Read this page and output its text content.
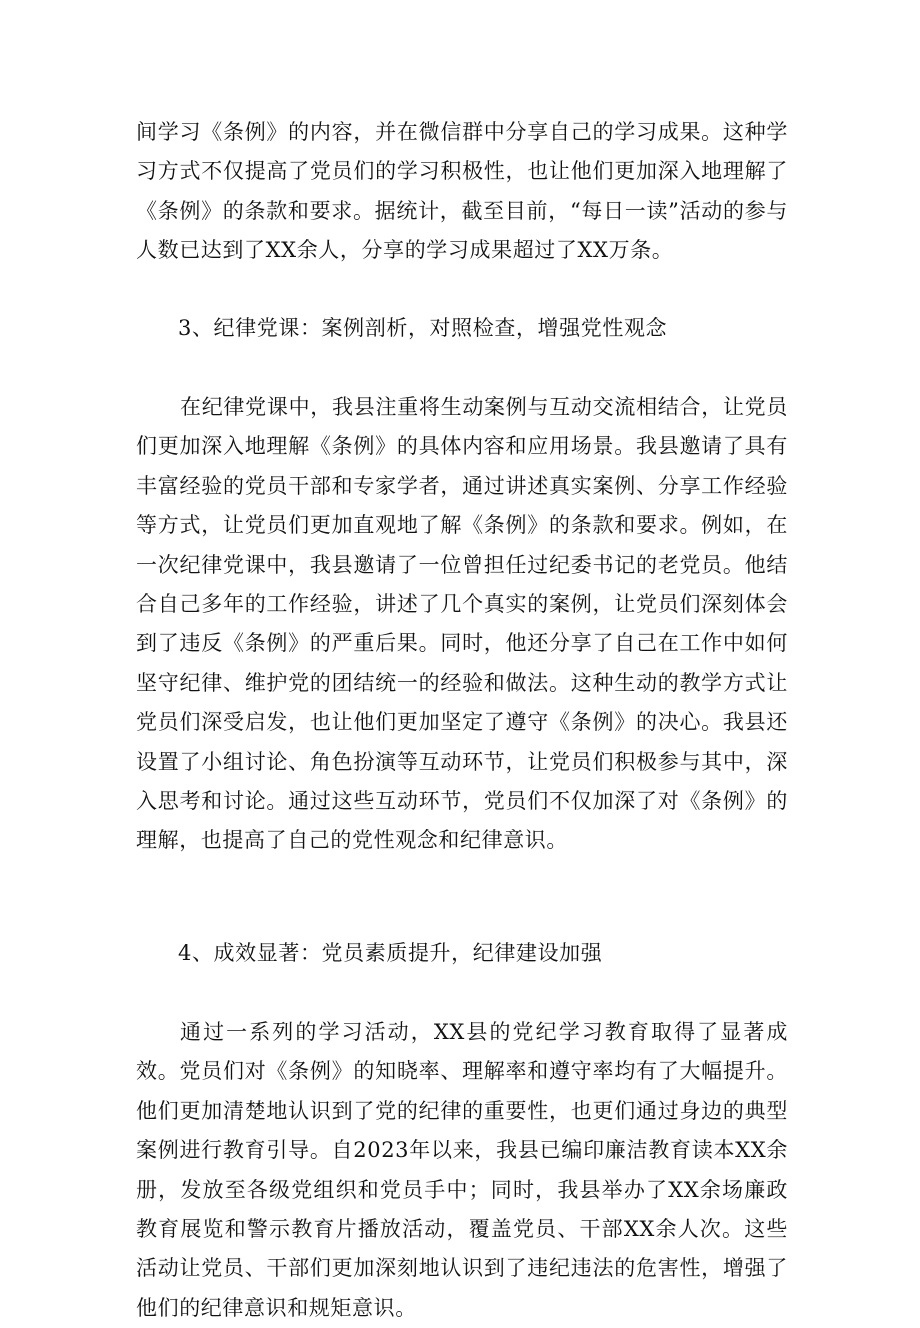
间学习《条例》的内容，并在微信群中分享自己的学习成果。这种学习方式不仅提高了党员们的学习积极性，也让他们更加深入地理解了《条例》的条款和要求。据统计，截至目前，“每日一读”活动的参与人数已达到了XX余人，分享的学习成果超过了XX万条。

3、纪律党课：案例剖析，对照检查，增强党性观念

在纪律党课中，我县注重将生动案例与互动交流相结合，让党员们更加深入地理解《条例》的具体内容和应用场景。我县邀请了具有丰富经验的党员干部和专家学者，通过讲述真实案例、分享工作经验等方式，让党员们更加直观地了解《条例》的条款和要求。例如，在一次纪律党课中，我县邀请了一位曾担任过纪委书记的老党员。他结合自己多年的工作经验，讲述了几个真实的案例，让党员们深刻体会到了违反《条例》的严重后果。同时，他还分享了自己在工作中如何坚守纪律、维护党的团结统一的经验和做法。这种生动的教学方式让党员们深受启发，也让他们更加坚定了遵守《条例》的决心。我县还设置了小组讨论、角色扮演等互动环节，让党员们积极参与其中，深入思考和讨论。通过这些互动环节，党员们不仅加深了对《条例》的理解，也提高了自己的党性观念和纪律意识。

4、成效显著：党员素质提升，纪律建设加强

通过一系列的学习活动，XX县的党纪学习教育取得了显著成效。党员们对《条例》的知晓率、理解率和遵守率均有了大幅提升。他们更加清楚地认识到了党的纪律的重要性，也更们通过身边的典型案例进行教育引导。自2023年以来，我县已编印廉洁教育读本XX余册，发放至各级党组织和党员手中；同时，我县举办了XX余场廉政教育展览和警示教育片播放活动，覆盖党员、干部XX余人次。这些活动让党员、干部们更加深刻地认识到了违纪违法的危害性，增强了他们的纪律意识和规矩意识。
